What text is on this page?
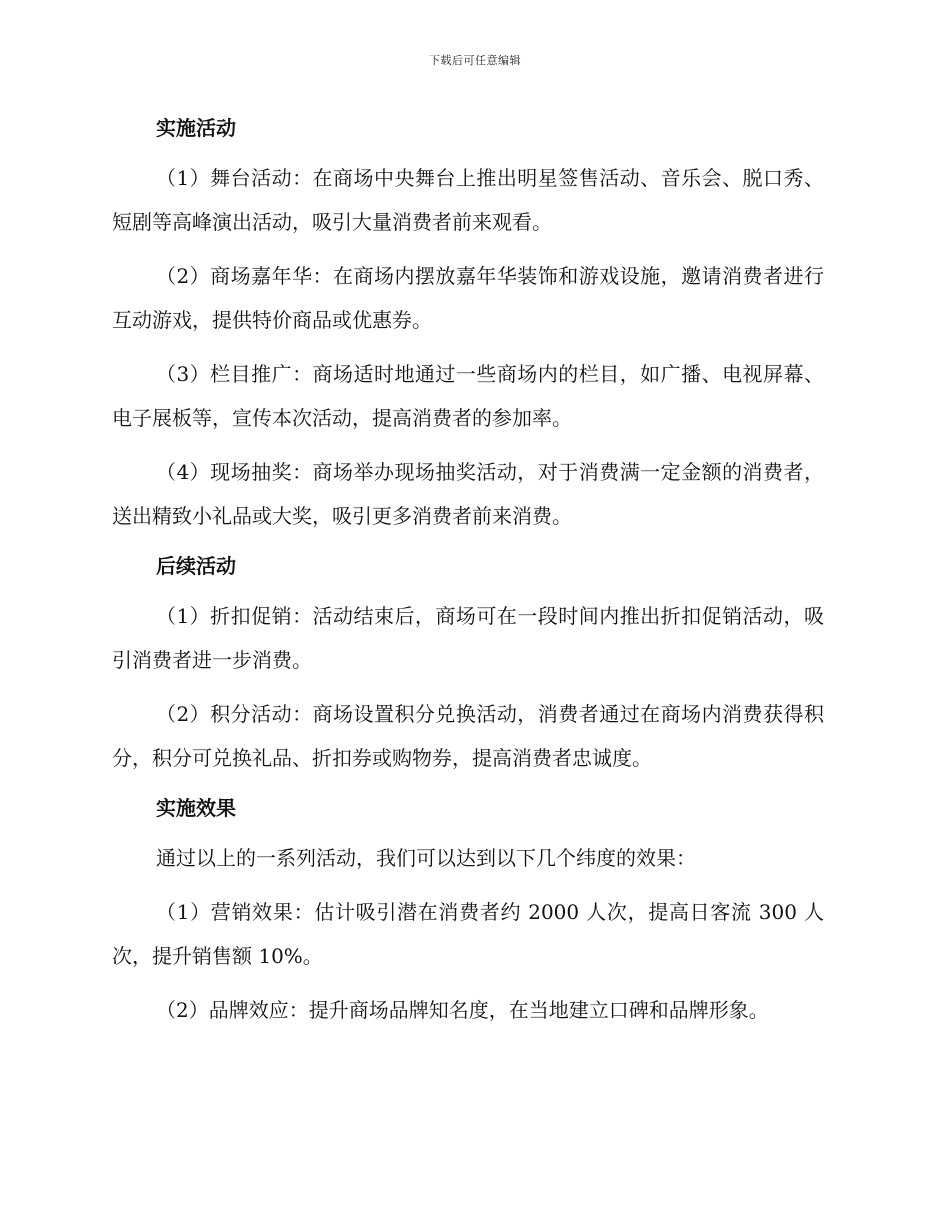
下载后可任意编辑
实施活动

（1）舞台活动：在商场中央舞台上推出明星签售活动、音乐会、脱口秀、短剧等高峰演出活动，吸引大量消费者前来观看。

（2）商场嘉年华：在商场内摆放嘉年华装饰和游戏设施，邀请消费者进行互动游戏，提供特价商品或优惠券。

（3）栏目推广：商场适时地通过一些商场内的栏目，如广播、电视屏幕、电子展板等，宣传本次活动，提高消费者的参加率。

（4）现场抽奖：商场举办现场抽奖活动，对于消费满一定金额的消费者，送出精致小礼品或大奖，吸引更多消费者前来消费。

后续活动

（1）折扣促销：活动结束后，商场可在一段时间内推出折扣促销活动，吸引消费者进一步消费。

（2）积分活动：商场设置积分兑换活动，消费者通过在商场内消费获得积分，积分可兑换礼品、折扣券或购物券，提高消费者忠诚度。

实施效果

通过以上的一系列活动，我们可以达到以下几个纬度的效果：

（1）营销效果：估计吸引潜在消费者约 2000 人次，提高日客流 300 人次，提升销售额 10%。

（2）品牌效应：提升商场品牌知名度，在当地建立口碑和品牌形象。
